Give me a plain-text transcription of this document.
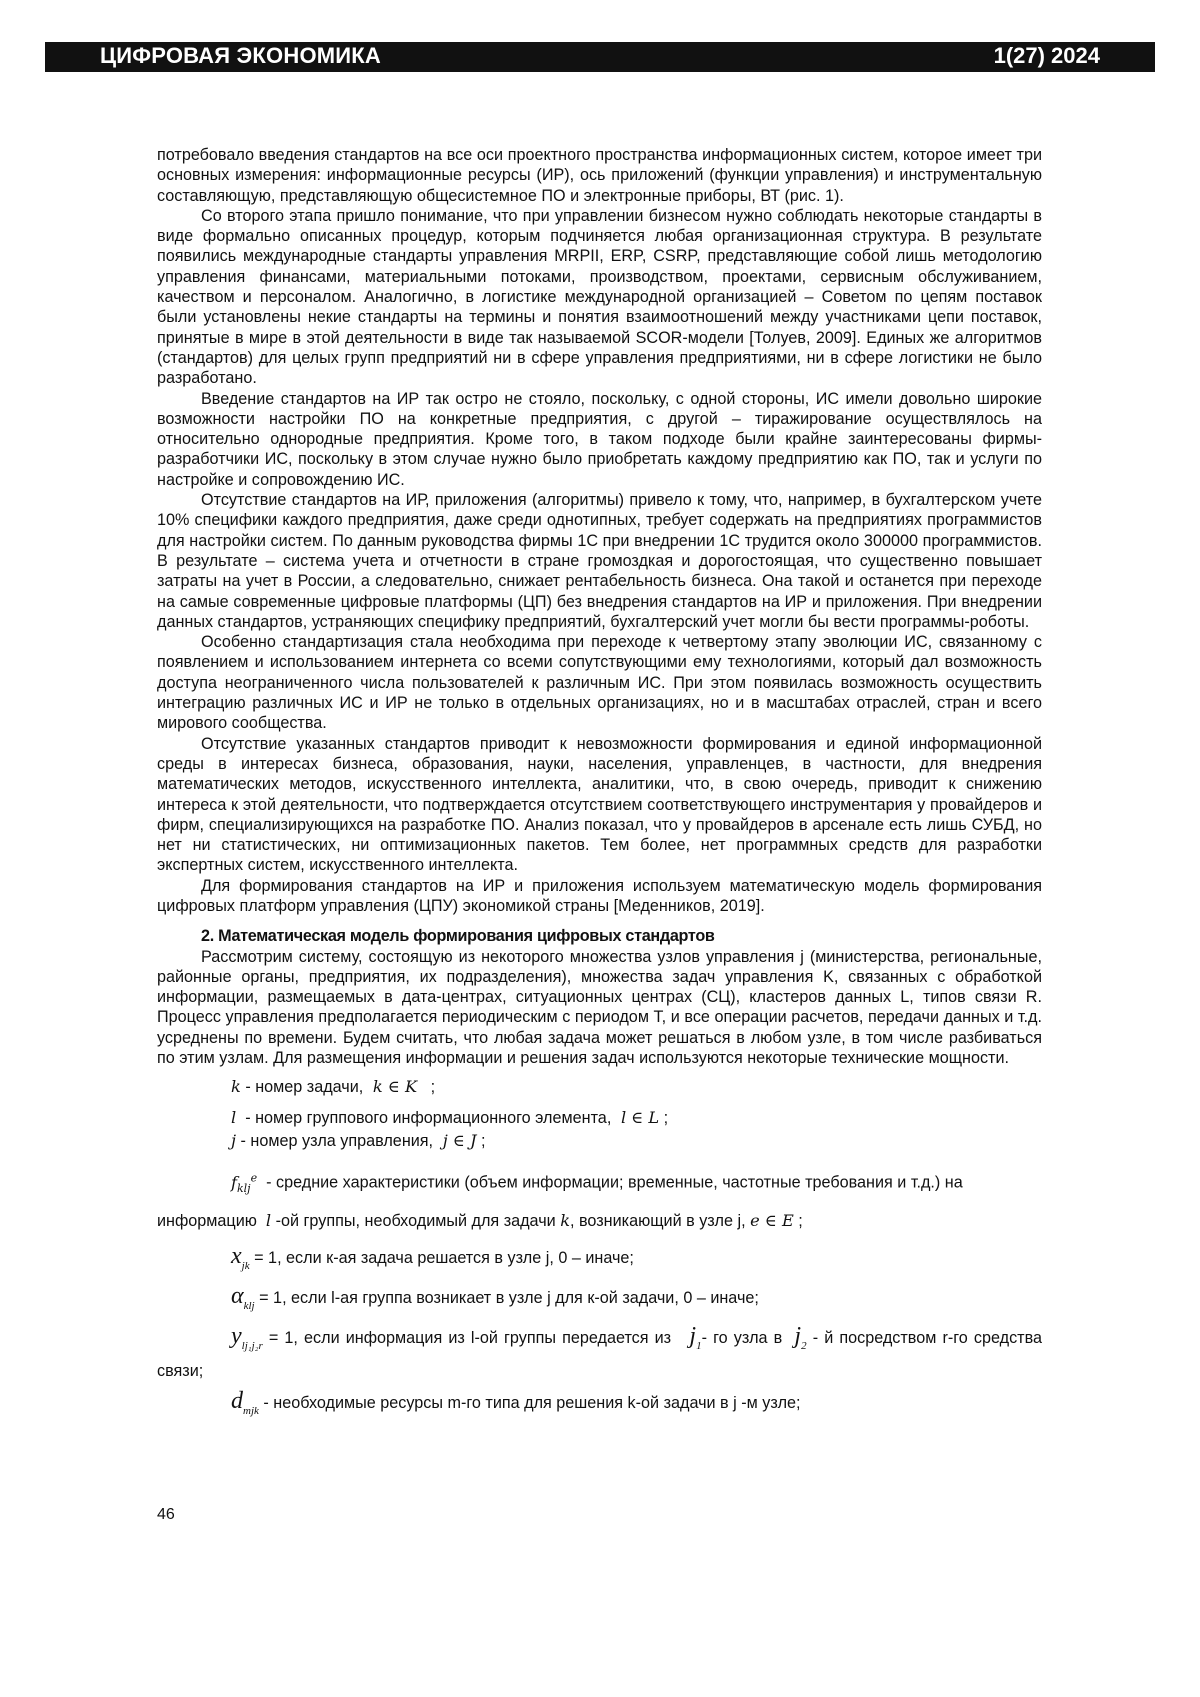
ЦИФРОВАЯ ЭКОНОМИКА	1(27) 2024

потребовало введения стандартов на все оси проектного пространства информационных систем, которое имеет три основных измерения: информационные ресурсы (ИР), ось приложений (функции управления) и инструментальную составляющую, представляющую общесистемное ПО и электронные приборы, ВТ (рис. 1).

Со второго этапа пришло понимание, что при управлении бизнесом нужно соблюдать некоторые стандарты в виде формально описанных процедур, которым подчиняется любая организационная структура. В результате появились международные стандарты управления MRPII, ERP, CSRP, представляющие собой лишь методологию управления финансами, материальными потоками, производством, проектами, сервисным обслуживанием, качеством и персоналом. Аналогично, в логистике международной организацией – Советом по цепям поставок были установлены некие стандарты на термины и понятия взаимоотношений между участниками цепи поставок, принятые в мире в этой деятельности в виде так называемой SCOR-модели [Толуев, 2009]. Единых же алгоритмов (стандартов) для целых групп предприятий ни в сфере управления предприятиями, ни в сфере логистики не было разработано.

Введение стандартов на ИР так остро не стояло, поскольку, с одной стороны, ИС имели довольно широкие возможности настройки ПО на конкретные предприятия, с другой – тиражирование осуществлялось на относительно однородные предприятия. Кроме того, в таком подходе были крайне заинтересованы фирмы-разработчики ИС, поскольку в этом случае нужно было приобретать каждому предприятию как ПО, так и услуги по настройке и сопровождению ИС.

Отсутствие стандартов на ИР, приложения (алгоритмы) привело к тому, что, например, в бухгалтерском учете 10% специфики каждого предприятия, даже среди однотипных, требует содержать на предприятиях программистов для настройки систем. По данным руководства фирмы 1С при внедрении 1С трудится около 300000 программистов. В результате – система учета и отчетности в стране громоздкая и дорогостоящая, что существенно повышает затраты на учет в России, а следовательно, снижает рентабельность бизнеса. Она такой и останется при переходе на самые современные цифровые платформы (ЦП) без внедрения стандартов на ИР и приложения. При внедрении данных стандартов, устраняющих специфику предприятий, бухгалтерский учет могли бы вести программы-роботы.

Особенно стандартизация стала необходима при переходе к четвертому этапу эволюции ИС, связанному с появлением и использованием интернета со всеми сопутствующими ему технологиями, который дал возможность доступа неограниченного числа пользователей к различным ИС. При этом появилась возможность осуществить интеграцию различных ИС и ИР не только в отдельных организациях, но и в масштабах отраслей, стран и всего мирового сообщества.

Отсутствие указанных стандартов приводит к невозможности формирования и единой информационной среды в интересах бизнеса, образования, науки, населения, управленцев, в частности, для внедрения математических методов, искусственного интеллекта, аналитики, что, в свою очередь, приводит к снижению интереса к этой деятельности, что подтверждается отсутствием соответствующего инструментария у провайдеров и фирм, специализирующихся на разработке ПО. Анализ показал, что у провайдеров в арсенале есть лишь СУБД, но нет ни статистических, ни оптимизационных пакетов. Тем более, нет программных средств для разработки экспертных систем, искусственного интеллекта.

Для формирования стандартов на ИР и приложения используем математическую модель формирования цифровых платформ управления (ЦПУ) экономикой страны [Меденников, 2019].

2. Математическая модель формирования цифровых стандартов

Рассмотрим систему, состоящую из некоторого множества узлов управления j (министерства, региональные, районные органы, предприятия, их подразделения), множества задач управления K, связанных с обработкой информации, размещаемых в дата-центрах, ситуационных центрах (СЦ), кластеров данных L, типов связи R. Процесс управления предполагается периодическим с периодом T, и все операции расчетов, передачи данных и т.д. усреднены по времени. Будем считать, что любая задача может решаться в любом узле, в том числе разбиваться по этим узлам. Для размещения информации и решения задач используются некоторые технические мощности.

k - номер задачи,  k ∈ K   ;

l - номер группового информационного элемента,  l ∈ L ;

j - номер узла управления,  j ∈ J ;

fklje - средние характеристики (объем информации; временные, частотные требования и т.д.) на информацию l -ой группы, необходимый для задачи k, возникающий в узле j, e ∈ E ;

xjk = 1, если к-ая задача решается в узле j, 0 – иначе;

αklj = 1, если l-ая группа возникает в узле j для к-ой задачи, 0 – иначе;

ylj₁j₂r = 1, если информация из l-ой группы передается из j1- го узла в j2 - й посредством r-го средства связи;

dmjk - необходимые ресурсы m-го типа для решения k-ой задачи в j -м узле;

46
